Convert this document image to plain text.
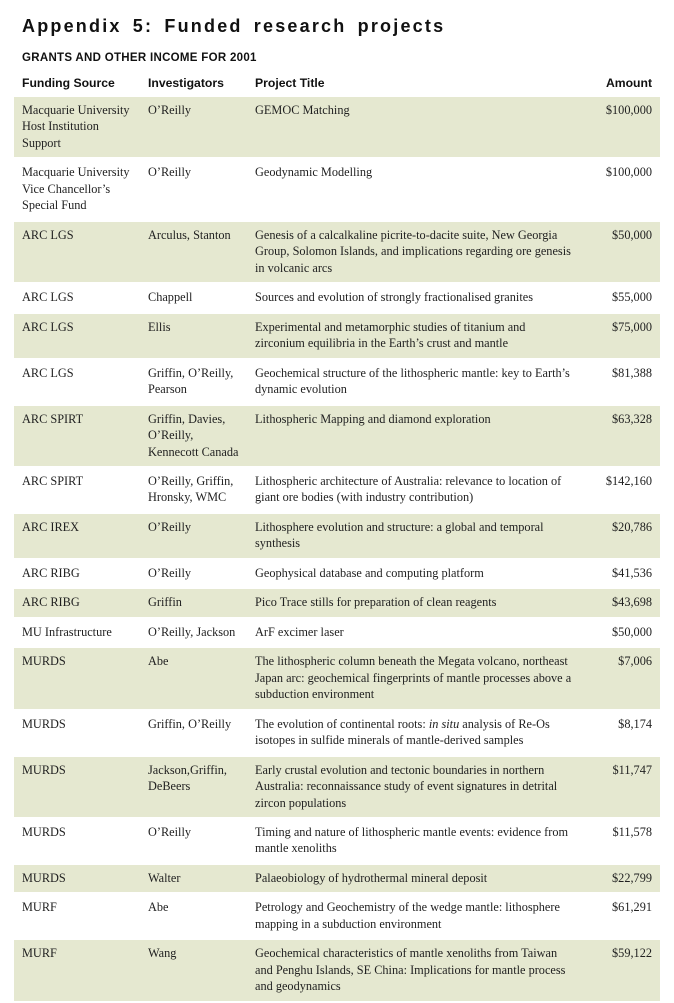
Appendix 5: Funded research projects
GRANTS AND OTHER INCOME FOR 2001
Funding Source	Investigators	Project Title	Amount
Macquarie University Host Institution Support	O’Reilly	GEMOC Matching	$100,000
Macquarie University Vice Chancellor’s Special Fund	O’Reilly	Geodynamic Modelling	$100,000
ARC LGS	Arculus, Stanton	Genesis of a calcalkaline picrite-to-dacite suite, New Georgia Group, Solomon Islands, and implications regarding ore genesis in volcanic arcs	$50,000
ARC LGS	Chappell	Sources and evolution of strongly fractionalised granites	$55,000
ARC LGS	Ellis	Experimental and metamorphic studies of titanium and zirconium equilibria in the Earth’s crust and mantle	$75,000
ARC LGS	Griffin, O’Reilly, Pearson	Geochemical structure of the lithospheric mantle: key to Earth’s dynamic evolution	$81,388
ARC SPIRT	Griffin, Davies, O’Reilly, Kennecott Canada	Lithospheric Mapping and diamond exploration	$63,328
ARC SPIRT	O’Reilly, Griffin, Hronsky, WMC	Lithospheric architecture of Australia: relevance to location of giant ore bodies (with industry contribution)	$142,160
ARC IREX	O’Reilly	Lithosphere evolution and structure: a global and temporal synthesis	$20,786
ARC RIBG	O’Reilly	Geophysical database and computing platform	$41,536
ARC RIBG	Griffin	Pico Trace stills for preparation of clean reagents	$43,698
MU Infrastructure	O’Reilly, Jackson	ArF excimer laser	$50,000
MURDS	Abe	The lithospheric column beneath the Megata volcano, northeast Japan arc: geochemical fingerprints of mantle processes above a subduction environment	$7,006
MURDS	Griffin, O’Reilly	The evolution of continental roots: in situ analysis of Re-Os isotopes in sulfide minerals of mantle-derived samples	$8,174
MURDS	Jackson,Griffin, DeBeers	Early crustal evolution and tectonic boundaries in northern Australia: reconnaissance study of event signatures in detrital zircon populations	$11,747
MURDS	O’Reilly	Timing and nature of lithospheric mantle events: evidence from mantle xenoliths	$11,578
MURDS	Walter	Palaeobiology of hydrothermal mineral deposit	$22,799
MURF	Abe	Petrology and Geochemistry of the wedge mantle: lithosphere mapping in a subduction environment	$61,291
MURF	Wang	Geochemical characteristics of mantle xenoliths from Taiwan and Penghu Islands, SE China: Implications for mantle process and geodynamics	$59,122
